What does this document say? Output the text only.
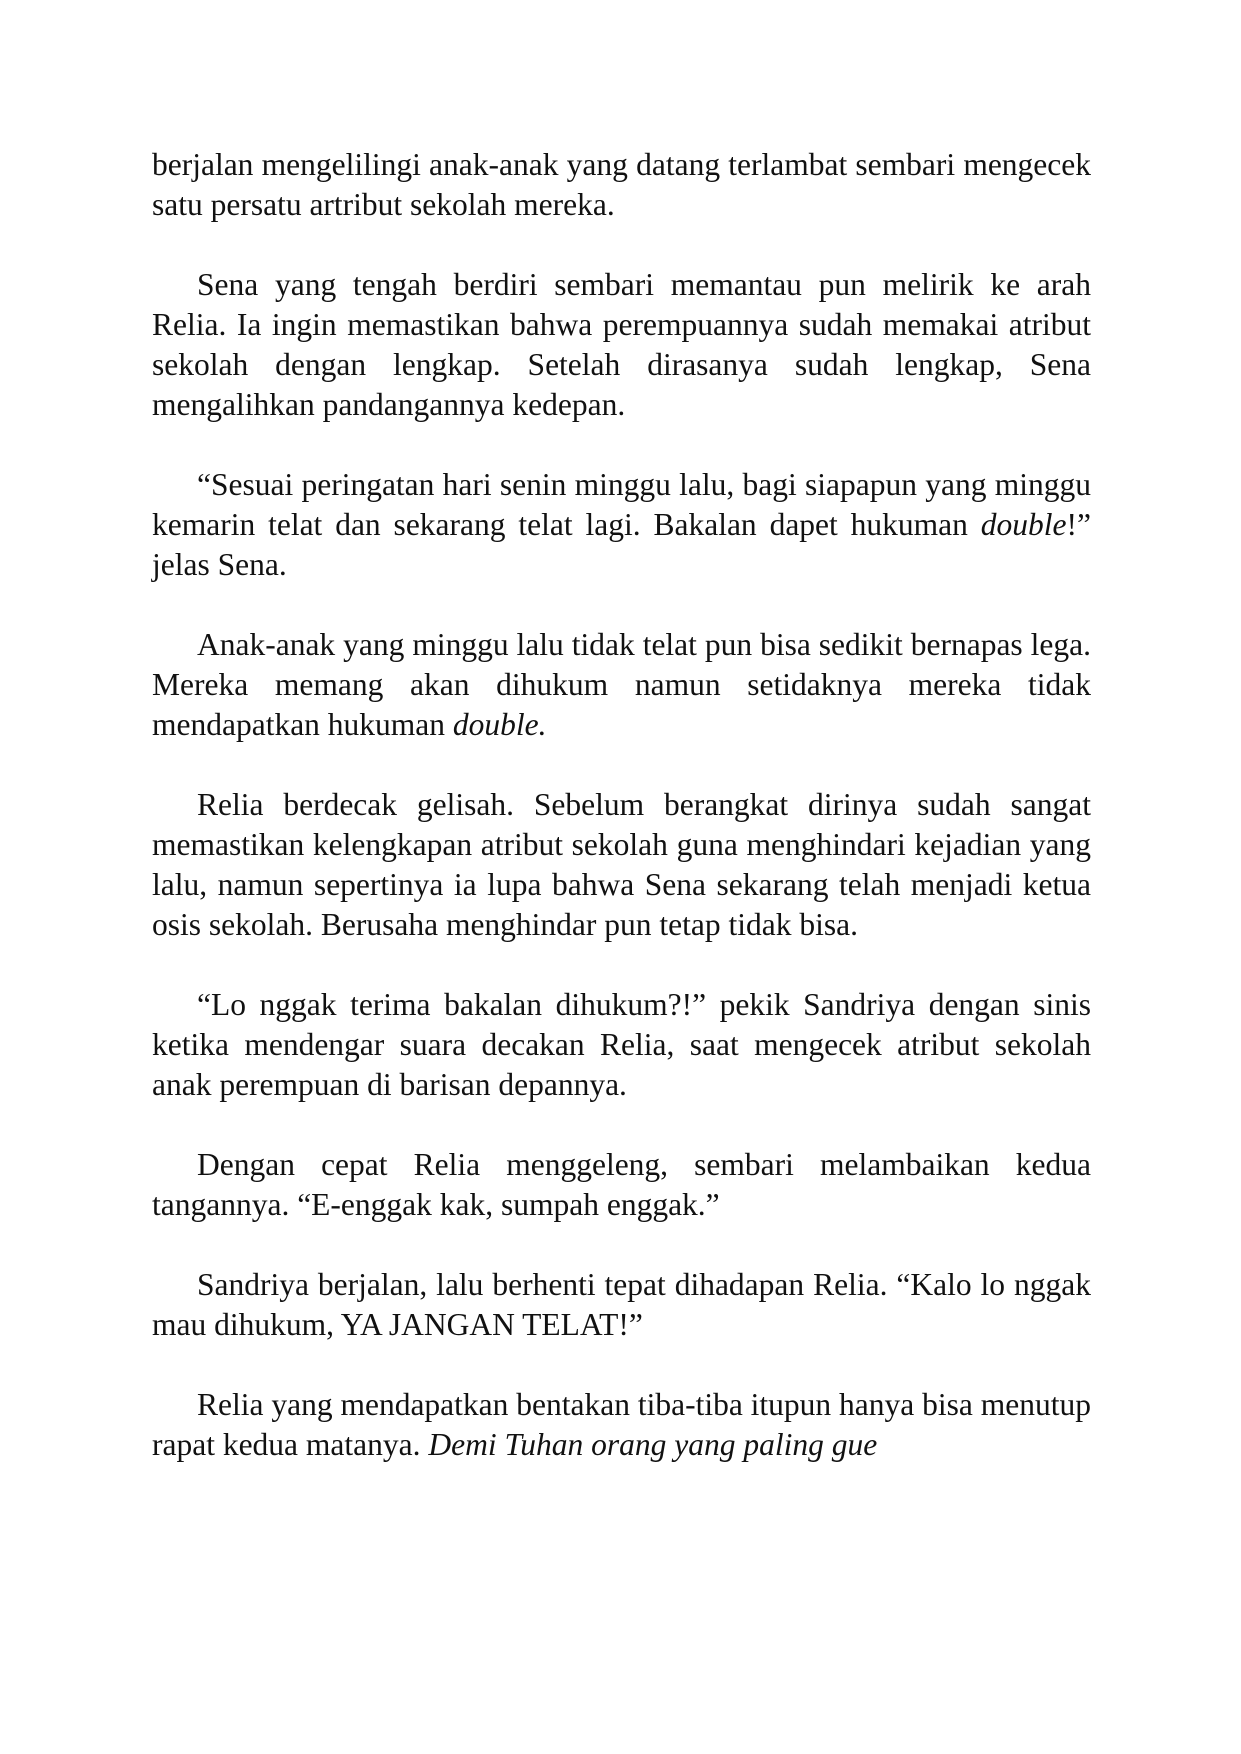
berjalan mengelilingi anak-anak yang datang terlambat sembari mengecek satu persatu artribut sekolah mereka.

Sena yang tengah berdiri sembari memantau pun melirik ke arah Relia. Ia ingin memastikan bahwa perempuannya sudah memakai atribut sekolah dengan lengkap. Setelah dirasanya sudah lengkap, Sena mengalihkan pandangannya kedepan.

“Sesuai peringatan hari senin minggu lalu, bagi siapapun yang minggu kemarin telat dan sekarang telat lagi. Bakalan dapet hukuman double!” jelas Sena.

Anak-anak yang minggu lalu tidak telat pun bisa sedikit bernapas lega. Mereka memang akan dihukum namun setidaknya mereka tidak mendapatkan hukuman double.

Relia berdecak gelisah. Sebelum berangkat dirinya sudah sangat memastikan kelengkapan atribut sekolah guna menghindari kejadian yang lalu, namun sepertinya ia lupa bahwa Sena sekarang telah menjadi ketua osis sekolah. Berusaha menghindar pun tetap tidak bisa.

“Lo nggak terima bakalan dihukum?!” pekik Sandriya dengan sinis ketika mendengar suara decakan Relia, saat mengecek atribut sekolah anak perempuan di barisan depannya.

Dengan cepat Relia menggeleng, sembari melambaikan kedua tangannya. “E-enggak kak, sumpah enggak.”

Sandriya berjalan, lalu berhenti tepat dihadapan Relia. “Kalo lo nggak mau dihukum, YA JANGAN TELAT!”

Relia yang mendapatkan bentakan tiba-tiba itupun hanya bisa menutup rapat kedua matanya. Demi Tuhan orang yang paling gue
